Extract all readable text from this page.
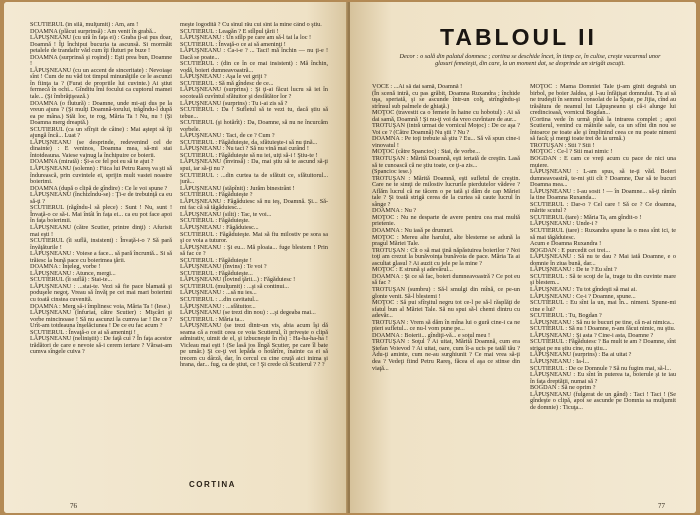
SCUTIERUL (în silă, mulţumit) : Am, am !

DOAMNA (plăcut surprinsă) : Am venit în grabă...

LĂPUŞNEANU (cu ură în faţa ei) : Graba ţi-ai pus doar, Doamnă ! Îţi închipui bucuria ta ascunsă. Si mormăit petalele de trandafir văd cum îţi fluturi pe buze !

DOAMNA (surprinsă şi roşind) : Eşti prea bun, Doamne !

LĂPUŞNEANU (cu un accent de sinceritate) : Nevoiaşe sînt ! Cum de nu văd tot timpul minunăţiile ce le ascunzi în fiinţa ta ? (Furat de propriile lui cuvinte.) Ai ştiut fermecă în ochi... Gînditu îmi focului ca cuptorul mamei tale... (Şi îmbrăţişează.)

DOAMNA (o flutură) : Doamne, unde mi-aţi dus pe la vreun ajuns ? (Şi mulţi Doamnă-torului, trăgîndu-l după ea pe mâna.) Stăi loc, te rog, Măria Ta ! Nu, nu ! (Şi Doamna merg dreaptă.)

SCUTIERUL (ca un sfîrşit de câine) : Mai aştept să îţi ajungă încă... Luat ?

LĂPUŞNEANU (se desprinde, redevenind cel de dinainte) : E veninos, Doamna mea, să-mi stai întotdeauna. Vaiese vajnug la închipuire ce boierii.

DOAMNA (mirată) : Şi-a ce fel pot eu să te ajut ?

LĂPUŞNEANU (solemn) : Fiica lui Petru Rareş va şti să îndurească, prin cuvintele ei, sprijin mult vastei noastre boierimi.

DOAMNA (după o clipă de gîndire) : Ce le voi spune ?

LĂPUŞNEANU (închizîndu-se) : Ţi-e de trebuinţă ca eu să-ţi ?

SCUTIERUL (răgîndu-l să plece) : Sunt ! Nu, sunt ! Învaţă-o ce să-i. Mai întâi în faţa ei... ca eu pot face apoi în faţa boierimii.

LĂPUŞNEANU (către Scutier, printre dinţi) : Afurisit mai eşti !

SCUTIERUL (îi suflă, insistent) : Învaţă-i-o ? Să pară învăţăturile !

LĂPUŞNEANU : Voiese a face... să pară încruntă... Si să trăiesc la bună pace cu boierimea ţării.

DOAMNA : Înţeleg, vorbe !

LĂPUŞNEANU : Atunce, mergi...

SCUTIERUL (îi suflă) : Stai-te...

LĂPUŞNEANU : ...stai-te. Vezi să fie pace blamată şi poduşele negoţ. Vreau să învăţ pe cei mai mari boierimi cu toată cinstea cuvenită.

DOAMNA : Merg să-i împlinesc voia, Măria Ta ! (Iese.)

LĂPUŞNEANU (înfuriat, către Scutier) : Mişcări şi vorbe mincinoase ! Să nu ascunzi la cumva iar ! De ce ? Urît-am totdeauna înşelăciunea ! De ce eu fac acum ?

SCUTIERUL : Învaţă-o ce ai să ameninţi !

LĂPUŞNEANU (neliniştit) : De faţă cui ? În faţa acestor trădători de care e nevoie să-i cerem iertare ? Vărsat-am cumva sîngele cuiva ?

meşte logodită ? Cu sînul rău cui sînt la mine când o ştiu.

SCUTIERUL : Leagăn ? E stîlpul ţării !

LĂPUŞNEANU : Un stîlp pe care am să-l tai la loc !

SCUTIERUL : Învaţă-o ce ai să ameninţi !

LĂPUŞNEANU : Ca-i-e ? ... Taci! mă închin — nu ţi-e ! Dacă se poate...

SCUTIERUL : (din ce în ce mai insistent) : Mă închin, vodă, boieri dumneavoastră...

LĂPUŞNEANU : Aşa le vei griji ?

SCUTIERUL : Să mă gîndesc de ce...

LĂPUŞNEANU (surprins) : Şi ţi-ai făcut lucru să iei în socoteală cuvîntul sfătuitor şi desfătător lor ?

LĂPUŞNEANU (surprins) : Tu i-ai zis să ?

SCUTIERUL : Da ! Sufletul să te vezi tu, dacă ştiu să tebue...

SCUTIERUL (şi hotărît) : Da, Doamne, să nu ne încurcăm vorbele.

LĂPUŞNEANU : Taci, de ce ? Cum ?

SCUTIERUL : Făgăduieşte, da, sfătuieşte-i să nu ţină...

LĂPUŞNEANU : Nu taci ? Să nu vină mai curând !

SCUTIERUL : Făgăduieşte să nu iei, uiţi să-i ! Ştiu-te !

LĂPUŞNEANU (învinsă) : Da, mai ştiu să te ascund să-ţi spui, iar să-ţi nu ?

SCUTIERUL : ...din curtea ta de sfătuit ce, sfătuitorul... jură...

LĂPUŞNEANU (stăpînit) : Jurăm binestrânt !

SCUTIERUL : Făgăduieşte ?

LĂPUŞNEANU : Făgăduiesc să nu ieş, Doamnă. Şi... Să-mi fac că să tăgăduiesc...

LĂPUŞNEANU (silit) : Tac, te voi...

SCUTIERUL : Făgăduieşte.

LĂPUŞNEANU : Făgăduiesc...

SCUTIERUL : Făgăduieşte. Mai să fiu milostiv pe sora sa şi ce voia a tuturor.

LĂPUŞNEANU : Şi eu... Mă ploaia... fuge blestem ! Prin să fac ce ?

SCUTIERUL : Făgăduieşte !

LĂPUŞNEANU (învins) : Te voi ?

SCUTIERUL : Făgăduieşte...

LĂPUŞNEANU (lovind ţării...) : Făgăduiesc !

SCUTIERUL (mulţumit) : ...şi să continui...

LĂPUŞNEANU : ...să nu ies...

SCUTIERUL : ...din cavitatul...

LĂPUŞNEANU : ...sfătuitor...

LĂPUŞNEANU (se trezi din nou) : ...şi degeaba mai...

SCUTIERUL : Măria ta...

LĂPUŞNEANU (se trezi dintr-un vis, abia acum îşi dă seama că a rostit ceea ce voia Scutierul, îi privește o clipă admirativ, uimit de el, şi izbucneşte în rîs) : Ha-ha-ha-ha ! Vicleau mai eşti ! (Se lasă jos lîngă Scutier, pe care îl bate pe umăr.) Şi ce-ţi vei lepăda o hotărîre, înainte ca ei să trecem cu dârză, dar, în cercul cu cine cruţă aici inima şi hrana, dar... fug, ca de ştiut, ce ! Şi crede că Scutierul ? ? ?

CORTINA
76
TABLOUL II
Decor : o sală din palatul domnesc ; cortina se deschide încet, în timp ce, în culise, creşte vacarmul unor glasuri femeieşti, din care, la un moment dat, se desprinde un strigăt ascuţit.

VOCE : ...Ai să dai samă, Doamnă !

(În scenă intră, cu pas grăbit, Doamna Ruxandra ; închide uşa, speriată, şi se ascunde într-un colţ, strîngîndu-şi strînsul sub palmele de ghiaţă.)

MOŢOC (travestit ca o femeie în haine cu hobotul) : Ai să dai samă, Doamnă ! Şi nu-ţi voi da vreo cuvîntare de aur...

TROTUŞAN (intră urmat de vornicul Moţoc) : De ce aşa ? Voi ce ? (Către Doamnă) Nu ştii ? Nu ?

DOAMNA : Pe toţi trebuie să ştiu ? Eu... Să vă spun cine-i vinovatul !

MOŢOC (către Spancioc) : Stai, de vorbe...

TROTUŞAN : Mărită Doamnă, eşti iertată de creştin. Lasă să te cunoască că ne ştiu toate, ce ţi-a zis...

(Spancioc iese.)

TROTUŞAN : Mărită Doamnă, eşti sufletul de creştin. Care ne te simţi de milostiv lucrurile pierdutelor vădeve ? Aflăm lucrul că ne tăcem o pe tată şi dăm de cap Măriei tale ? Şi toată strigă cerea de la curtea să caute lucrul în sânge ?

DOAMNA : Nu ?

MOŢOC : Nu ne desparte de avere pentru cea mai multă prietenie.

DOAMNA : Nu iasă pe drumuri.

MOŢOC : Mereu alte harului, alte blesteme se adună la pragul Măriei Tale.

TROTUŞAN : Cît o să mai ţină năpăstuirea boierilor ? Noi toţi am crezut la bunăvoinţa bunăvoia de pace. Măria Ta ai ascultat glasul ? Ai auzit cu jele pe la mine ?

MOŢOC : E strună şi adevărul...

DOAMNA : Şi ce să fac, boieri dumneavoastră ? Ce pot eu să fac ?

TROTUŞAN (sumbru) : Să-l smulgi din mînă, ce pe-un glonte venit. Să-l blestemi !

MOŢOC : Să pui sfîrşitul negru tot ce-l pe să-l răsplăţi de sfatul bun al Măriei Tale. Să nu spui să-l chemi dintru cu adevăr...

TROTUŞAN : Vrem să dăm în mîna lui o gură cine-i ca ne pieri sufletul... ce nu-l vom pune pe...

DOAMNA : Boierii... gîndiţi-vă... e soţul meu !

TROTUŞAN : Soţul ? Ai uitat, Mărită Doamnă, cum era Ştefan Voievod ? Ai uitat, oare, cum îi-a ucis pe tatăl tău ? Adu-ţi aminte, cum ne-au surghiunit ? Ce mai vrea să-ţi dea ? Vedeţi fiind Petru Rareş, făcea el aşa ce stinse din viaţă...

MOŢOC : Mama Domniei Tale ţi-am gînit degrabă un birbol, pe boier Jaldea, şi l-au înfăţişat domnului. Tu ai să ne trudeşti în semnul consolat de la Spate, pe Jijia, cînd au trăsătura de neamul lui Lăpuşneanu şi că-i alunge lui credincioasă, vornicul Bogdan...

(Cortina vede în urmă pînă la intrarea complet ; apoi Scutierul, venind cu mâinile sale, ca un sfînt din nou se întoarce pe toate ale şi împlinind ceea ce nu poate nimeni să facă; şi mergi toate trei de la urmă.)

TROTUŞAN : Stii ? Stii !

MOŢOC : Ce-l ? Stii mai nimic !

BOGDAN : E cam ce vreţi acum cu pace de nici una muiere.

LĂPUŞNEANU : L-am spus, să te-ţi văd. Boieri dumneavoastră, te-mi ştii cît ? Doamne, Dar să te bucuri Doamna mea...

LĂPUŞNEANU : I-au sosit ! — în Doamne... să-ţi rămîn la tine Doamna Ruxanda...

SCUTIERUL : Dar-o ? Cel care ! Să ce ? Ce doamna, mărite scutul ?

SCUTIERUL (tare) : Măria Ta, am gîndit-o !

LĂPUŞNEANU : Unde-i ?

SCUTIERUL (tare) : Ruxandra spune la o mea sînt ici, te să mai tăgăduiesc.

Acum e Doamna Ruxandra !

BOGDAN : E purcedit cei trei...

LĂPUŞNEANU : Să nu te dau ? Mai iată Doamne, e o domnie în ziua bună, dar...

LĂPUŞNEANU : De te ? Eu sînt ?

SCUTIERUL : Să te scoţi de la, trage tu din cuvinte mare şi blestem...

LĂPUŞNEANU : Tu tot gîndeşti să mai ai.

LĂPUŞNEANU : Ce-i ? Doamne, spune...

SCUTIERUL : Eu sînt la un, mai în... nimeni. Spune-mi cine e lui?

SCUTIERUL : Tu, Bogdan ?

LĂPUŞNEANU : Să nu te bucuri pe tine, că n-ai nimica...

SCUTIERUL : Să nu ! Doamne, n-am făcut nimic, nu ştiu.

LĂPUŞNEANU : Şi asta ? Cine-i asta, Doamne ?

SCUTIERUL : Făgăduiesc ? Ba mult te am ? Doamne, sînt strigat pe nu ştiu cine, nu ştiu...

LĂPUŞNEANU (surprins) : Ba ai uitat ?

LĂPUŞNEANU : Ia-l...

SCUTIERUL : De ce Domnule ? Să nu fugim mai, să-l...

LĂPUŞNEANU : Eu sînt în puterea ta, boierule şi te iau în faţa dreptăţii, numai să ?

BOGDAN : Să ne oprim ?

LĂPUŞNEANU (fulgerat de un gând) : Taci ! Taci ! (Se gîndeşte o clipă, apoi se ascunde pe Domnia sa mulţumit de domnie) : Ticuţa...

77
